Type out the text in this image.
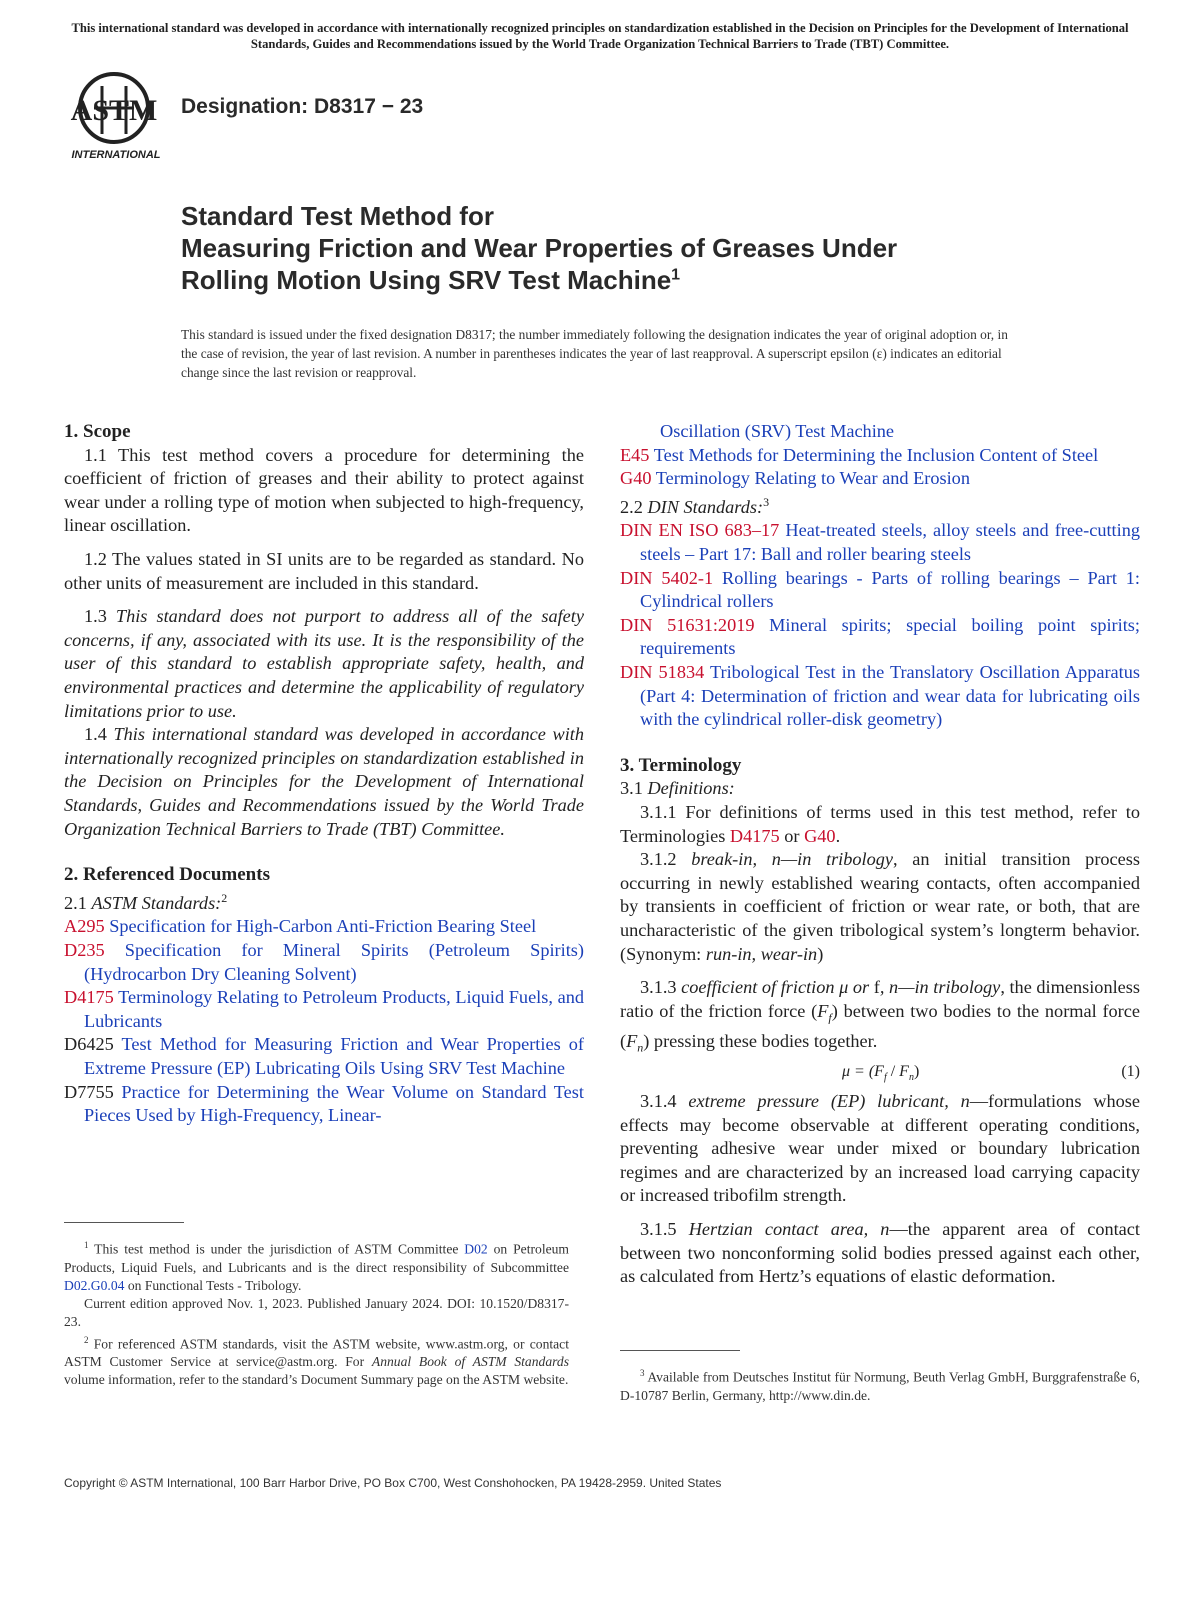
This international standard was developed in accordance with internationally recognized principles on standardization established in the Decision on Principles for the Development of International Standards, Guides and Recommendations issued by the World Trade Organization Technical Barriers to Trade (TBT) Committee.
ASTM
INTERNATIONAL
Designation: D8317 − 23
Standard Test Method for
Measuring Friction and Wear Properties of Greases Under
Rolling Motion Using SRV Test Machine$^1$

This standard is issued under the fixed designation D8317; the number immediately following the designation indicates the year of original adoption or, in the case of revision, the year of last revision. A number in parentheses indicates the year of last reapproval. A superscript epsilon (ε) indicates an editorial change since the last revision or reapproval.

1. Scope

1.1 This test method covers a procedure for determining the coefficient of friction of greases and their ability to protect against wear under a rolling type of motion when subjected to high-frequency, linear oscillation.

1.2 The values stated in SI units are to be regarded as standard. No other units of measurement are included in this standard.

1.3 This standard does not purport to address all of the safety concerns, if any, associated with its use. It is the responsibility of the user of this standard to establish appropriate safety, health, and environmental practices and determine the applicability of regulatory limitations prior to use.

1.4 This international standard was developed in accordance with internationally recognized principles on standardization established in the Decision on Principles for the Development of International Standards, Guides and Recommendations issued by the World Trade Organization Technical Barriers to Trade (TBT) Committee.

2. Referenced Documents

2.1 ASTM Standards:$^2$

A295 Specification for High-Carbon Anti-Friction Bearing Steel

D235 Specification for Mineral Spirits (Petroleum Spirits) (Hydrocarbon Dry Cleaning Solvent)

D4175 Terminology Relating to Petroleum Products, Liquid Fuels, and Lubricants

D6425 Test Method for Measuring Friction and Wear Properties of Extreme Pressure (EP) Lubricating Oils Using SRV Test Machine

D7755 Practice for Determining the Wear Volume on Standard Test Pieces Used by High-Frequency, Linear-

Oscillation (SRV) Test Machine

E45 Test Methods for Determining the Inclusion Content of Steel

G40 Terminology Relating to Wear and Erosion

2.2 DIN Standards:$^3$

DIN EN ISO 683–17 Heat-treated steels, alloy steels and free-cutting steels – Part 17: Ball and roller bearing steels

DIN 5402-1 Rolling bearings - Parts of rolling bearings – Part 1: Cylindrical rollers

DIN 51631:2019 Mineral spirits; special boiling point spirits; requirements

DIN 51834 Tribological Test in the Translatory Oscillation Apparatus (Part 4: Determination of friction and wear data for lubricating oils with the cylindrical roller-disk geometry)

3. Terminology

3.1 Definitions:

3.1.1 For definitions of terms used in this test method, refer to Terminologies D4175 or G40.

3.1.2 break-in, n—in tribology, an initial transition process occurring in newly established wearing contacts, often accompanied by transients in coefficient of friction or wear rate, or both, that are uncharacteristic of the given tribological system’s longterm behavior. (Synonym: run-in, wear-in)

3.1.3 coefficient of friction μ or f, n—in tribology, the dimensionless ratio of the friction force $(F_f)$ between two bodies to the normal force $(F_n)$ pressing these bodies together.

$\mu = (F_f / F_n)$	(1)

3.1.4 extreme pressure (EP) lubricant, n—formulations whose effects may become observable at different operating conditions, preventing adhesive wear under mixed or boundary lubrication regimes and are characterized by an increased load carrying capacity or increased tribofilm strength.

3.1.5 Hertzian contact area, n—the apparent area of contact between two nonconforming solid bodies pressed against each other, as calculated from Hertz’s equations of elastic deformation.

$^1$ This test method is under the jurisdiction of ASTM Committee D02 on Petroleum Products, Liquid Fuels, and Lubricants and is the direct responsibility of Subcommittee D02.G0.04 on Functional Tests - Tribology.

Current edition approved Nov. 1, 2023. Published January 2024. DOI: 10.1520/D8317-23.

$^2$ For referenced ASTM standards, visit the ASTM website, www.astm.org, or contact ASTM Customer Service at service@astm.org. For Annual Book of ASTM Standards volume information, refer to the standard’s Document Summary page on the ASTM website.	$^3$ Available from Deutsches Institut für Normung, Beuth Verlag GmbH, Burggrafenstraße 6, D-10787 Berlin, Germany, http://www.din.de.

Copyright © ASTM International, 100 Barr Harbor Drive, PO Box C700, West Conshohocken, PA 19428-2959. United States
